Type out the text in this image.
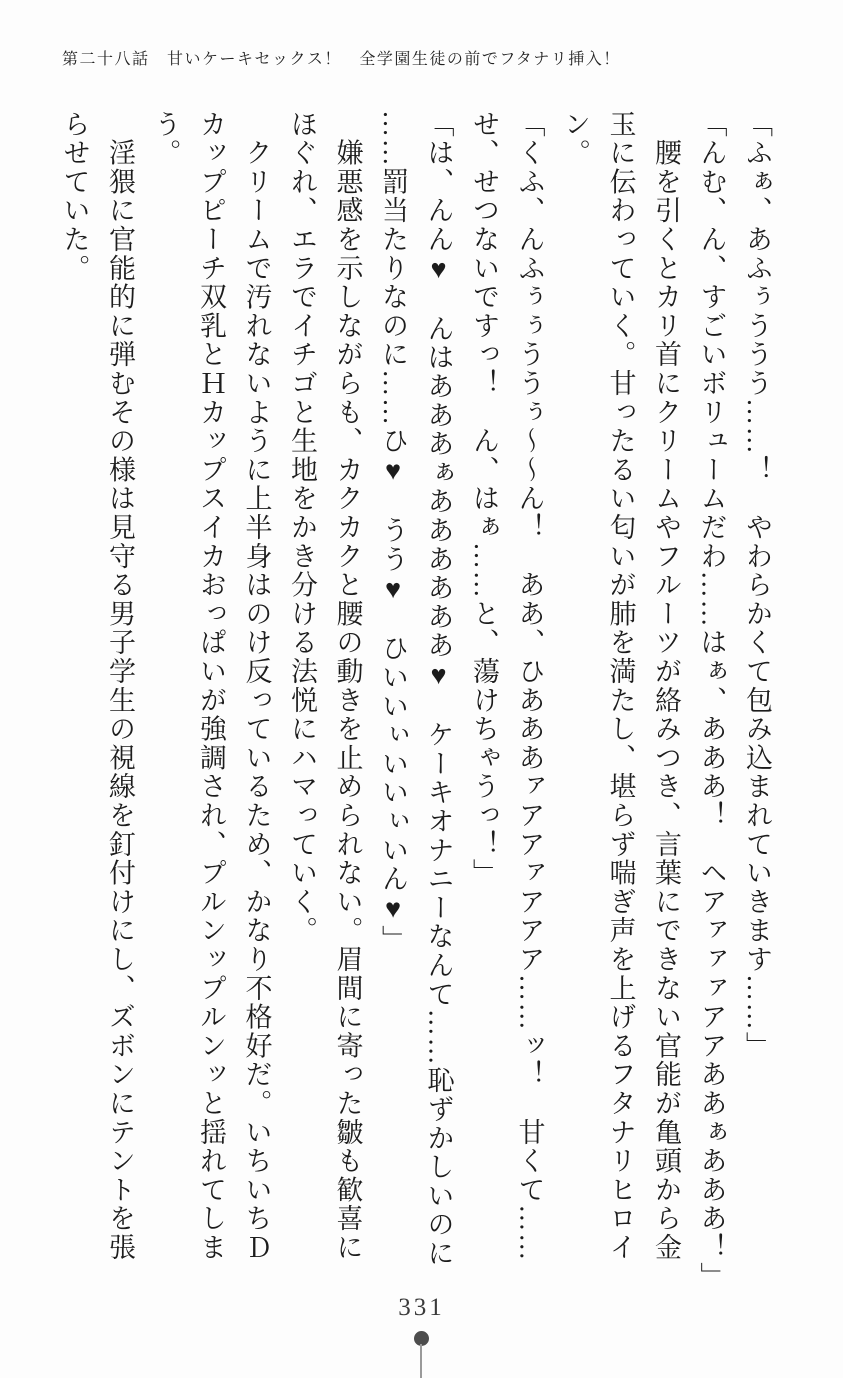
第二十八話　甘いケーキセックス！　全学園生徒の前でフタナリ挿入！

「ふぁ、あふぅううう……！　やわらかくて包み込まれていきます……」

「んむ、ん、すごいボリュームだわ……はぁ、あああ！　ヘアァァァアアああぁあああ！」

　腰を引くとカリ首にクリームやフルーツが絡みつき、言葉にできない官能が亀頭から金

玉に伝わっていく。甘ったるい匂いが肺を満たし、堪らず喘ぎ声を上げるフタナリヒロイ

ン。

「くふ、んふぅぅううぅ〜〜ん！　ああ、ひあああァアアァアアア……ッ！　甘くて……

せ、せつないですっ！　ん、はぁ……と、蕩けちゃうっ！」

「は、んん♥　んはあああぁああああああ♥　ケーキオナニーなんて……恥ずかしいのに

……罰当たりなのに……ひ♥　うう♥　ひいいぃいいぃいん♥」

　嫌悪感を示しながらも、カクカクと腰の動きを止められない。眉間に寄った皺も歓喜に

ほぐれ、エラでイチゴと生地をかき分ける法悦にハマっていく。

　クリームで汚れないように上半身はのけ反っているため、かなり不格好だ。いちいちＤ

カップピーチ双乳とＨカップスイカおっぱいが強調され、プルンップルンッと揺れてしま

う。

　淫猥に官能的に弾むその様は見守る男子学生の視線を釘付けにし、ズボンにテントを張

らせていた。

331
